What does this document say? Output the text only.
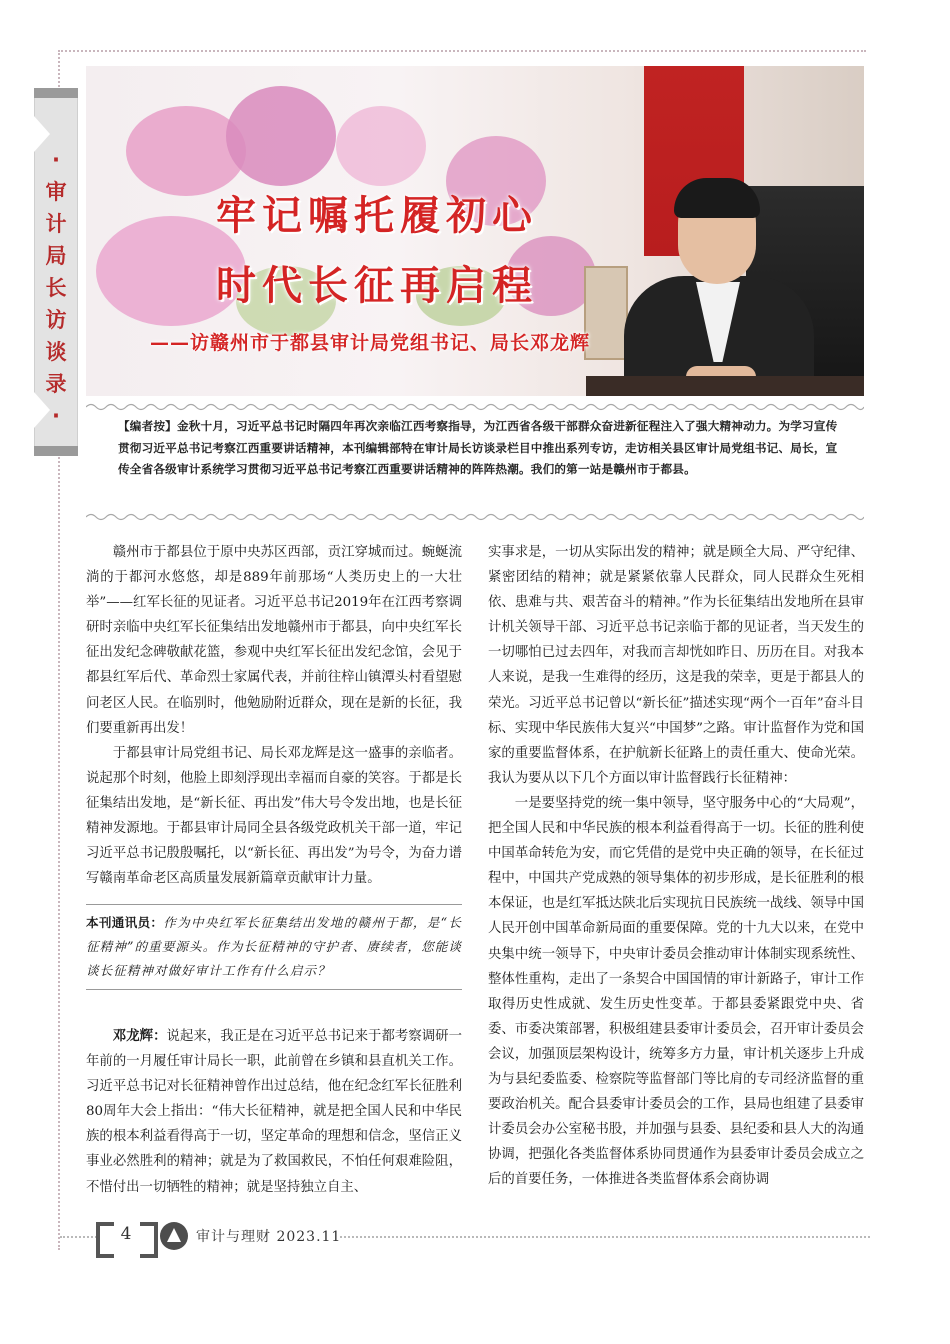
·
审
计
局
长
访
谈
录
·
牢记嘱托履初心
时代长征再启程
——访赣州市于都县审计局党组书记、局长邓龙辉
【编者按】金秋十月，习近平总书记时隔四年再次亲临江西考察指导，为江西省各级干部群众奋进新征程注入了强大精神动力。为学习宣传贯彻习近平总书记考察江西重要讲话精神，本刊编辑部特在审计局长访谈录栏目中推出系列专访，走访相关县区审计局党组书记、局长，宣传全省各级审计系统学习贯彻习近平总书记考察江西重要讲话精神的阵阵热潮。我们的第一站是赣州市于都县。

赣州市于都县位于原中央苏区西部，贡江穿城而过。蜿蜒流淌的于都河水悠悠，却是889年前那场“人类历史上的一大壮举”——红军长征的见证者。习近平总书记2019年在江西考察调研时亲临中央红军长征集结出发地赣州市于都县，向中央红军长征出发纪念碑敬献花篮，参观中央红军长征出发纪念馆，会见于都县红军后代、革命烈士家属代表，并前往梓山镇潭头村看望慰问老区人民。在临别时，他勉励附近群众，现在是新的长征，我们要重新再出发！

于都县审计局党组书记、局长邓龙辉是这一盛事的亲临者。说起那个时刻，他脸上即刻浮现出幸福而自豪的笑容。于都是长征集结出发地，是“新长征、再出发”伟大号令发出地，也是长征精神发源地。于都县审计局同全县各级党政机关干部一道，牢记习近平总书记殷殷嘱托，以“新长征、再出发”为号令，为奋力谱写赣南革命老区高质量发展新篇章贡献审计力量。

本刊通讯员：作为中央红军长征集结出发地的赣州于都，是“长征精神”的重要源头。作为长征精神的守护者、赓续者，您能谈谈长征精神对做好审计工作有什么启示？

邓龙辉：说起来，我正是在习近平总书记来于都考察调研一年前的一月履任审计局长一职，此前曾在乡镇和县直机关工作。习近平总书记对长征精神曾作出过总结，他在纪念红军长征胜利80周年大会上指出：“伟大长征精神，就是把全国人民和中华民族的根本利益看得高于一切，坚定革命的理想和信念，坚信正义事业必然胜利的精神；就是为了救国救民，不怕任何艰难险阻，不惜付出一切牺牲的精神；就是坚持独立自主、

实事求是，一切从实际出发的精神；就是顾全大局、严守纪律、紧密团结的精神；就是紧紧依靠人民群众，同人民群众生死相依、患难与共、艰苦奋斗的精神。”作为长征集结出发地所在县审计机关领导干部、习近平总书记亲临于都的见证者，当天发生的一切哪怕已过去四年，对我而言却恍如昨日、历历在目。对我本人来说，是我一生难得的经历，这是我的荣幸，更是于都县人的荣光。习近平总书记曾以“新长征”描述实现“两个一百年”奋斗目标、实现中华民族伟大复兴“中国梦”之路。审计监督作为党和国家的重要监督体系，在护航新长征路上的责任重大、使命光荣。我认为要从以下几个方面以审计监督践行长征精神：

一是要坚持党的统一集中领导，坚守服务中心的“大局观”，把全国人民和中华民族的根本利益看得高于一切。长征的胜利使中国革命转危为安，而它凭借的是党中央正确的领导，在长征过程中，中国共产党成熟的领导集体的初步形成，是长征胜利的根本保证，也是红军抵达陕北后实现抗日民族统一战线、领导中国人民开创中国革命新局面的重要保障。党的十九大以来，在党中央集中统一领导下，中央审计委员会推动审计体制实现系统性、整体性重构，走出了一条契合中国国情的审计新路子，审计工作取得历史性成就、发生历史性变革。于都县委紧跟党中央、省委、市委决策部署，积极组建县委审计委员会，召开审计委员会会议，加强顶层架构设计，统筹多方力量，审计机关逐步上升成为与县纪委监委、检察院等监督部门等比肩的专司经济监督的重要政治机关。配合县委审计委员会的工作，县局也组建了县委审计委员会办公室秘书股，并加强与县委、县纪委和县人大的沟通协调，把强化各类监督体系协同贯通作为县委审计委员会成立之后的首要任务，一体推进各类监督体系会商协调

4	审计与理财 2023.11
